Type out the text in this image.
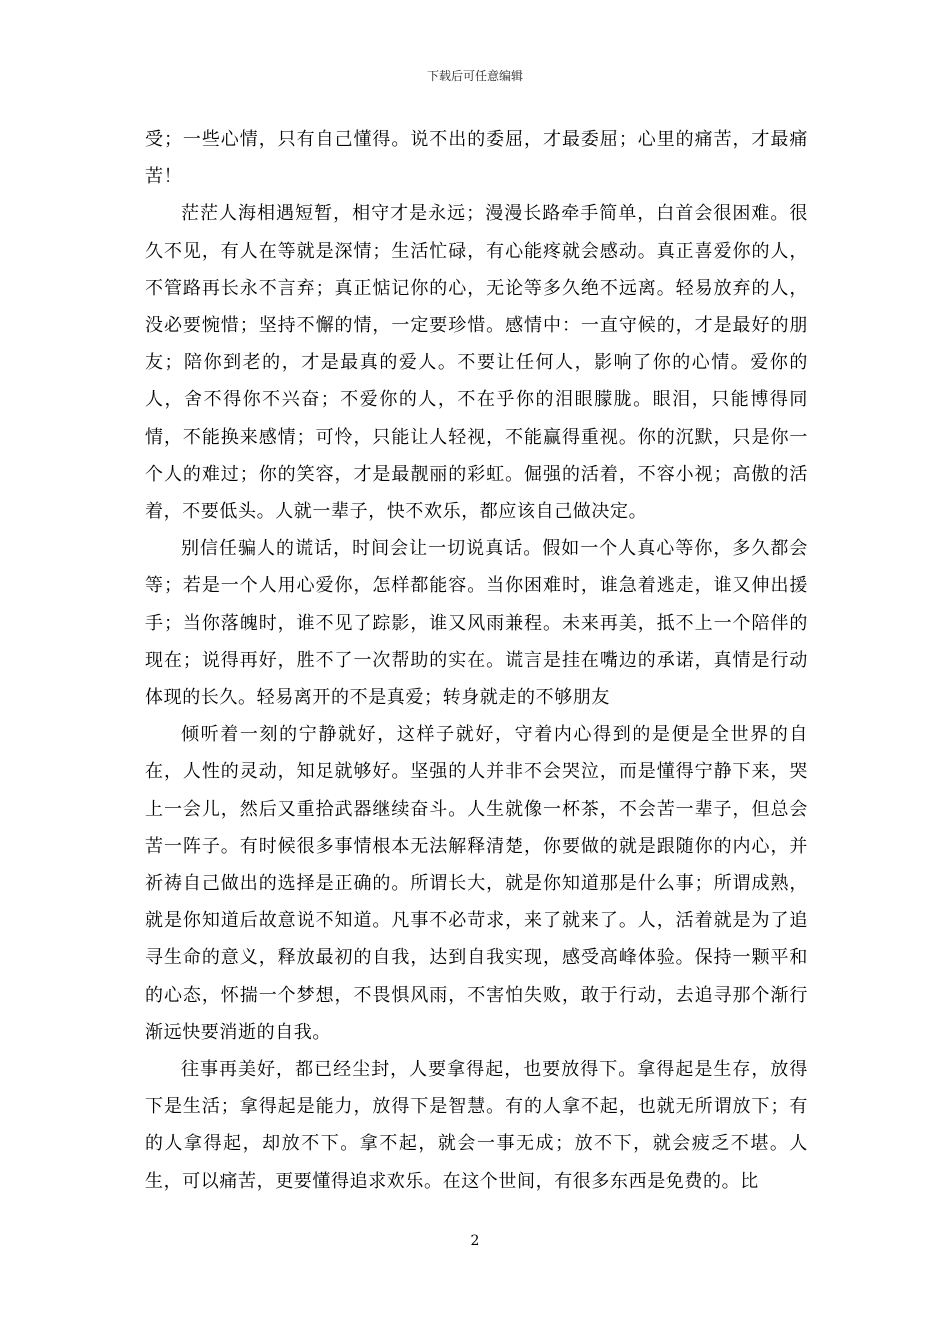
下载后可任意编辑

受；一些心情，只有自己懂得。说不出的委屈，才最委屈；心里的痛苦，才最痛苦！

茫茫人海相遇短暂，相守才是永远；漫漫长路牵手简单，白首会很困难。很久不见，有人在等就是深情；生活忙碌，有心能疼就会感动。真正喜爱你的人，不管路再长永不言弃；真正惦记你的心，无论等多久绝不远离。轻易放弃的人，没必要惋惜；坚持不懈的情，一定要珍惜。感情中：一直守候的，才是最好的朋友；陪你到老的，才是最真的爱人。不要让任何人，影响了你的心情。爱你的人，舍不得你不兴奋；不爱你的人，不在乎你的泪眼朦胧。眼泪，只能博得同情，不能换来感情；可怜，只能让人轻视，不能赢得重视。你的沉默，只是你一个人的难过；你的笑容，才是最靓丽的彩虹。倔强的活着，不容小视；高傲的活着，不要低头。人就一辈子，快不欢乐，都应该自己做决定。

别信任骗人的谎话，时间会让一切说真话。假如一个人真心等你，多久都会等；若是一个人用心爱你，怎样都能容。当你困难时，谁急着逃走，谁又伸出援手；当你落魄时，谁不见了踪影，谁又风雨兼程。未来再美，抵不上一个陪伴的现在；说得再好，胜不了一次帮助的实在。谎言是挂在嘴边的承诺，真情是行动体现的长久。轻易离开的不是真爱；转身就走的不够朋友

倾听着一刻的宁静就好，这样子就好，守着内心得到的是便是全世界的自在，人性的灵动，知足就够好。坚强的人并非不会哭泣，而是懂得宁静下来，哭上一会儿，然后又重拾武器继续奋斗。人生就像一杯茶，不会苦一辈子，但总会苦一阵子。有时候很多事情根本无法解释清楚，你要做的就是跟随你的内心，并祈祷自己做出的选择是正确的。所谓长大，就是你知道那是什么事；所谓成熟，就是你知道后故意说不知道。凡事不必苛求，来了就来了。人，活着就是为了追寻生命的意义，释放最初的自我，达到自我实现，感受高峰体验。保持一颗平和的心态，怀揣一个梦想，不畏惧风雨，不害怕失败，敢于行动，去追寻那个渐行渐远快要消逝的自我。

往事再美好，都已经尘封，人要拿得起，也要放得下。拿得起是生存，放得下是生活；拿得起是能力，放得下是智慧。有的人拿不起，也就无所谓放下；有的人拿得起，却放不下。拿不起，就会一事无成；放不下，就会疲乏不堪。人生，可以痛苦，更要懂得追求欢乐。在这个世间，有很多东西是免费的。比

2
